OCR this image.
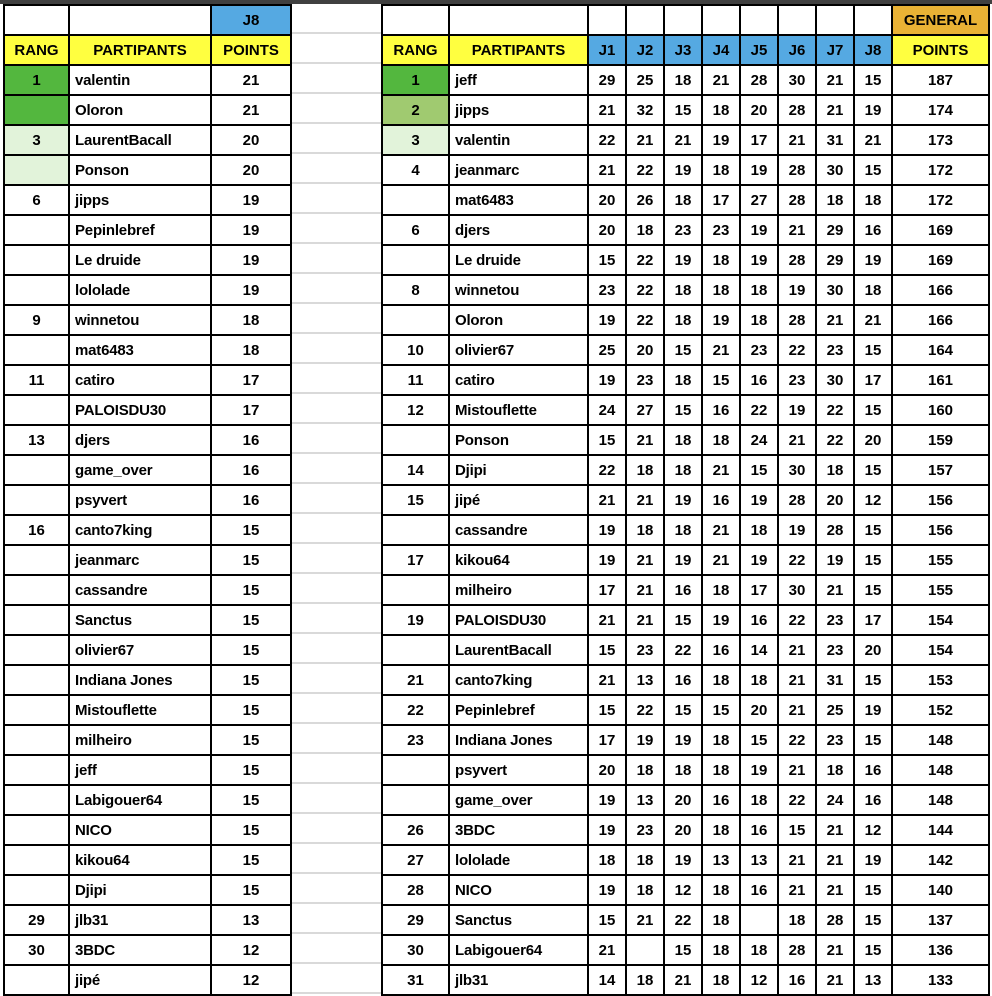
		J8
RANG	PARTIPANTS	POINTS
1	valentin	21
	Oloron	21
3	LaurentBacall	20
	Ponson	20
6	jipps	19
	Pepinlebref	19
	Le druide	19
	lololade	19
9	winnetou	18
	mat6483	18
11	catiro	17
	PALOISDU30	17
13	djers	16
	game_over	16
	psyvert	16
16	canto7king	15
	jeanmarc	15
	cassandre	15
	Sanctus	15
	olivier67	15
	Indiana Jones	15
	Mistouflette	15
	milheiro	15
	jeff	15
	Labigouer64	15
	NICO	15
	kikou64	15
	Djipi	15
29	jlb31	13
30	3BDC	12
	jipé	12
										GENERAL
RANG	PARTIPANTS	J1	J2	J3	J4	J5	J6	J7	J8	POINTS
1	jeff	29	25	18	21	28	30	21	15	187
2	jipps	21	32	15	18	20	28	21	19	174
3	valentin	22	21	21	19	17	21	31	21	173
4	jeanmarc	21	22	19	18	19	28	30	15	172
	mat6483	20	26	18	17	27	28	18	18	172
6	djers	20	18	23	23	19	21	29	16	169
	Le druide	15	22	19	18	19	28	29	19	169
8	winnetou	23	22	18	18	18	19	30	18	166
	Oloron	19	22	18	19	18	28	21	21	166
10	olivier67	25	20	15	21	23	22	23	15	164
11	catiro	19	23	18	15	16	23	30	17	161
12	Mistouflette	24	27	15	16	22	19	22	15	160
	Ponson	15	21	18	18	24	21	22	20	159
14	Djipi	22	18	18	21	15	30	18	15	157
15	jipé	21	21	19	16	19	28	20	12	156
	cassandre	19	18	18	21	18	19	28	15	156
17	kikou64	19	21	19	21	19	22	19	15	155
	milheiro	17	21	16	18	17	30	21	15	155
19	PALOISDU30	21	21	15	19	16	22	23	17	154
	LaurentBacall	15	23	22	16	14	21	23	20	154
21	canto7king	21	13	16	18	18	21	31	15	153
22	Pepinlebref	15	22	15	15	20	21	25	19	152
23	Indiana Jones	17	19	19	18	15	22	23	15	148
	psyvert	20	18	18	18	19	21	18	16	148
	game_over	19	13	20	16	18	22	24	16	148
26	3BDC	19	23	20	18	16	15	21	12	144
27	lololade	18	18	19	13	13	21	21	19	142
28	NICO	19	18	12	18	16	21	21	15	140
29	Sanctus	15	21	22	18		18	28	15	137
30	Labigouer64	21		15	18	18	28	21	15	136
31	jlb31	14	18	21	18	12	16	21	13	133
